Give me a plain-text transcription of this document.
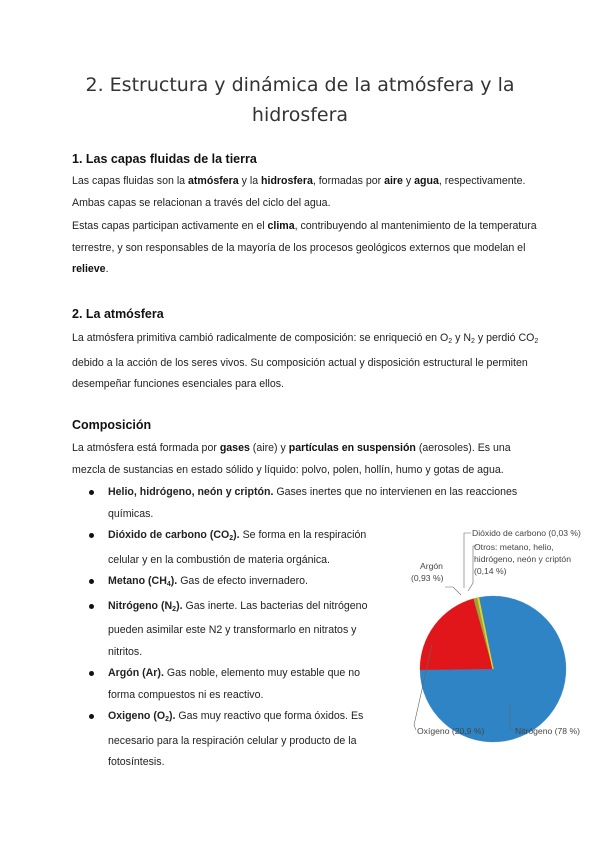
2. Estructura y dinámica de la atmósfera y la hidrosfera
1. Las capas fluidas de la tierra

Las capas fluidas son la atmósfera y la hidrosfera, formadas por aire y agua, respectivamente.

Ambas capas se relacionan a través del ciclo del agua.

Estas capas participan activamente en el clima, contribuyendo al mantenimiento de la temperatura terrestre, y son responsables de la mayoría de los procesos geológicos externos que modelan el relieve.

2. La atmósfera

La atmósfera primitiva cambió radicalmente de composición: se enriqueció en $O_2$ y $N_2$ y perdió $CO_2$ debido a la acción de los seres vivos. Su composición actual y disposición estructural le permiten desempeñar funciones esenciales para ellos.

Composición

La atmósfera está formada por gases (aire) y partículas en suspensión (aerosoles). Es una mezcla de sustancias en estado sólido y líquido: polvo, polen, hollín, humo y gotas de agua.

Helio, hidrógeno, neón y criptón. Gases inertes que no intervienen en las reacciones químicas.
Dióxido de carbono $(CO_2)$. Se forma en la respiración celular y en la combustión de materia orgánica.
Metano $(CH_4)$. Gas de efecto invernadero.
Nitrógeno $(N_2)$. Gas inerte. Las bacterias del nitrógeno pueden asimilar este N2 y transformarlo en nitratos y nitritos.
Argón (Ar). Gas noble, elemento muy estable que no forma compuestos ni es reactivo.
Oxigeno $(O_2)$. Gas muy reactivo que forma óxidos. Es necesario para la respiración celular y producto de la fotosíntesis.
Dióxido de carbono (0,03 %)
Otros: metano, helio,
hidrógeno, neón y criptón
(0,14 %)
Argón
(0,93 %)
Oxígeno (20,9 %)	Nitrógeno (78 %)
